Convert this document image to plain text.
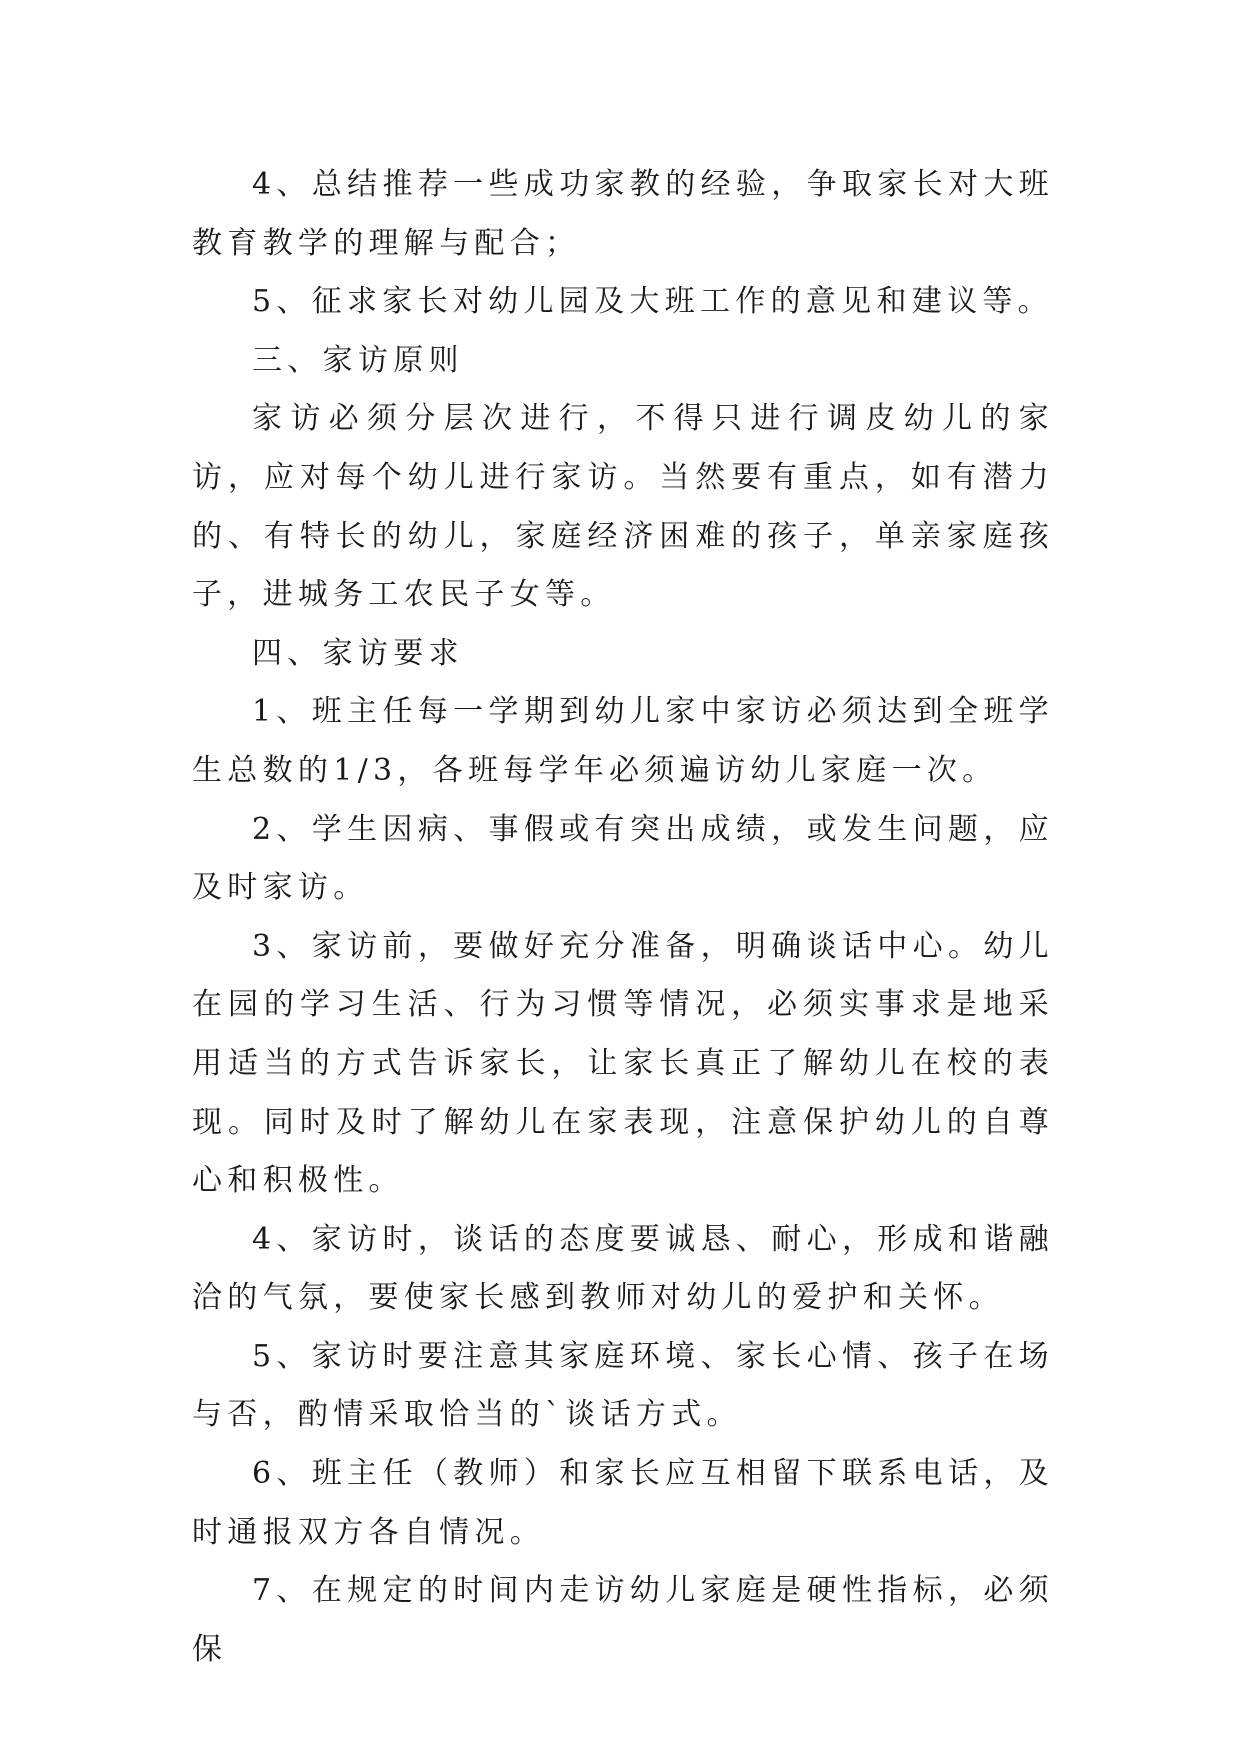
4、总结推荐一些成功家教的经验，争取家长对大班教育教学的理解与配合；

5、征求家长对幼儿园及大班工作的意见和建议等。

三、家访原则

家访必须分层次进行，不得只进行调皮幼儿的家访，应对每个幼儿进行家访。当然要有重点，如有潜力的、有特长的幼儿，家庭经济困难的孩子，单亲家庭孩子，进城务工农民子女等。

四、家访要求

1、班主任每一学期到幼儿家中家访必须达到全班学生总数的1/3，各班每学年必须遍访幼儿家庭一次。

2、学生因病、事假或有突出成绩，或发生问题，应及时家访。

3、家访前，要做好充分准备，明确谈话中心。幼儿在园的学习生活、行为习惯等情况，必须实事求是地采用适当的方式告诉家长，让家长真正了解幼儿在校的表现。同时及时了解幼儿在家表现，注意保护幼儿的自尊心和积极性。

4、家访时，谈话的态度要诚恳、耐心，形成和谐融洽的气氛，要使家长感到教师对幼儿的爱护和关怀。

5、家访时要注意其家庭环境、家长心情、孩子在场与否，酌情采取恰当的`谈话方式。

6、班主任（教师）和家长应互相留下联系电话，及时通报双方各自情况。

7、在规定的时间内走访幼儿家庭是硬性指标，必须保
